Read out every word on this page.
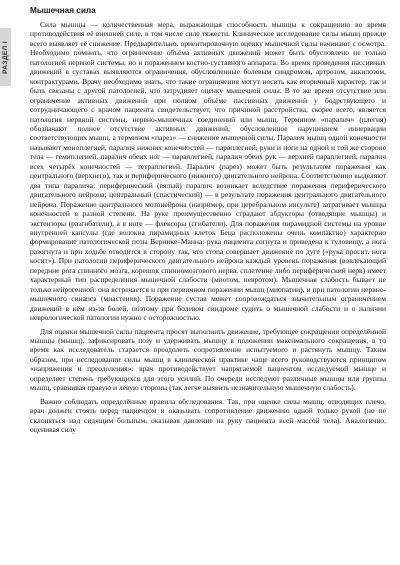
РАЗДЕЛ I
Мышечная сила

Сила мышцы — количественная мера, выражающая способность мышцы к сокращению во время противодействия её внешней силе, в том числе силе тяжести. Клиническое исследование силы мышц прежде всего выявляет её снижение. Предварительно, ориентировочную оценку мышечной силы начинают с осмотра. Необходимо помнить, что ограничение объёма активных движений может быть обусловлено не только патологией нервной системы, но и поражением костно-суставного аппарата. Во время проведения пассивных движений в суставах выявляются ограничения, обусловленные болевым синдромом, артрозом, анкилозом, контрактурами. Врачу необходимо знать, что такие ограничения могут носить как вторичный характер, так и быть связаны с другой патологией, что затрудняет оценку мышечной силы. В то же время отсутствие или ограничение активных движений при полном объёме пассивных движений у бодрствующего и сотрудничающего с врачом пациента свидетельствует, что причиной расстройства, скорее всего, является патология нервной системы, нервно-мышечных соединений или мышц. Термином «паралич» (плегия) обозначают полное отсутствие активных движений, обусловленное нарушением иннервации соответствующих мышц, а термином «парез» — снижение мышечной силы. Паралич мышц одной конечности называют моноплегией, паралич нижних конечностей — параплегией, руки и ноги на одной и той же стороне тела — гемиплегией, паралич обеих ног — параплегией, паралич обеих рук — верхней параплегией, паралич всех четырёх конечностей — тетраплегией. Паралич (парез) может быть результатом поражения как центрального (верхнего), так и периферического (нижнего) двигательного нейрона. Соответственно выделяют два типа паралича: периферический (вялый) паралич возникает вследствие поражения периферического двигательного нейрона; центральный (спастический) — в результате поражения центрального двигательного нейрона. Поражение центрального мотонейрона (например, при церебральном инсульте) затрагивает мышцы конечностей в разной степени. На руке преимущественно страдают абдукторы (отводящие мышцы) и экстензоры (разгибатели), а в ноге — флексоры (сгибатели). Для поражения пирамидной системы на уровне внутренней капсулы (где волокна пирамидных клеток Беца расположены очень компактно) характерно формирование патологической позы Вернике–Манна: рука пациента согнута и приведена к туловищу, а нога разогнута и при ходьбе отводится в сторону так, что стопа совершает движение по дуге («рука просит, нога косит»). При патологии периферического двигательного нейрона каждый уровень поражения (вовлекающий передние рога спинного мозга, корешок спинномозгового нерва, сплетение либо периферический нерв) имеет характерный тип распределения мышечной слабости (миотом, невротом). Мышечная слабость бывает не только нейрогенной: она встречается и при первичном поражении мышц (миопатии), и при патологии нервно-мышечного синапса (миастения). Поражение сустав может сопровождаться значительным ограничением движений в нём из-за болей, поэтому при болевом синдроме судить о мышечной слабости и о наличии неврологической патологии нужно с осторожностью.

Для оценки мышечной силы пациента просят выполнить движение, требующее сокращения определённой мышцы (мышц), зафиксировать позу и удерживать мышцу в положении максимального сокращения, в то время как исследователь старается преодолеть сопротивление испытуемого и растянуть мышцу. Таким образом, при исследовании силы мышц в клинической практике чаще всего руководствуются принципом «напряжения и преодоления»: врач противодействует напрягаемой пациентом исследуемой мышце и определяет степень требующихся для этого усилий. По очереди исследуют различные мышцы или группы мышц, сравнивая правую и левую стороны (так легче выявить незначительную мышечную слабость).

Важно соблюдать определённые правила обследования. Так, при оценке силы мышц, отводящих плечо, врач должен стоять перед пациентом и оказывать сопротивление движению одной только рукой (но не склоняться над сидящим больным, оказывая давление на руку пациента всей массой тела). Аналогично, оценивая силу
